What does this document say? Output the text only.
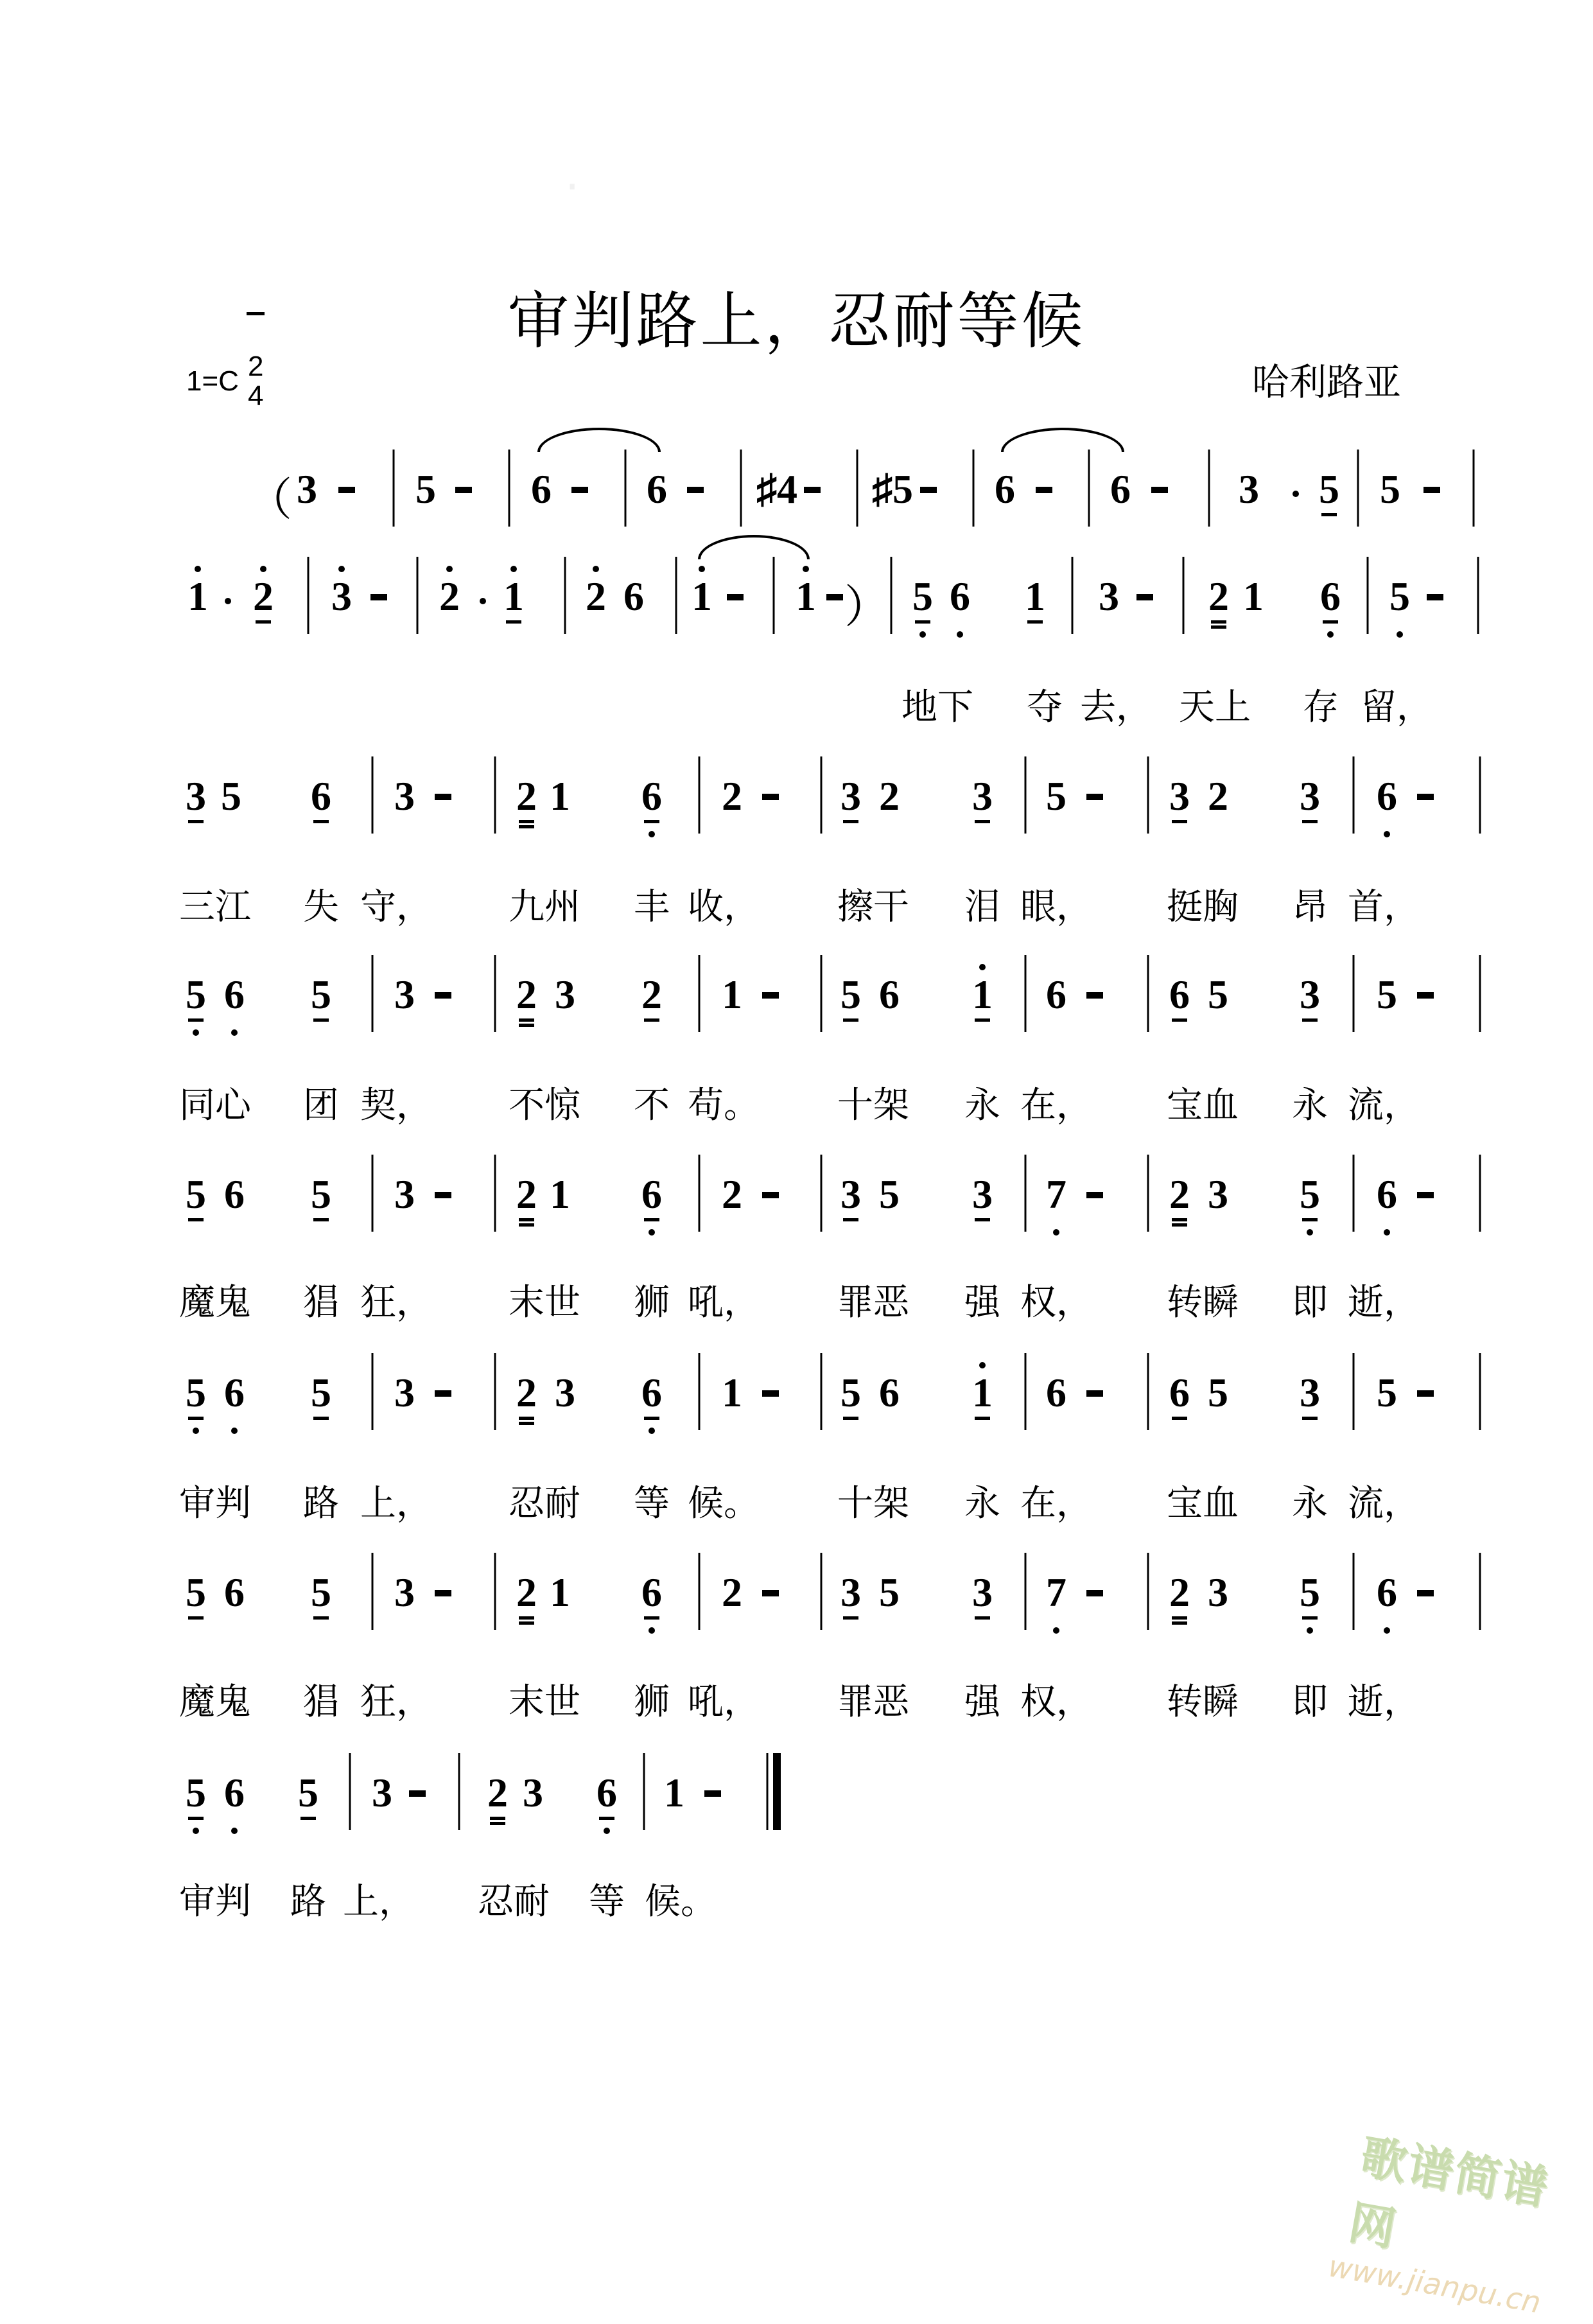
·
审判路上，忍耐等候
1=C 2
4	哈利路亚
（ 3 5 6 6 ♯4 ♯5 6 6	3 5 5
1 2 3 2 1 2 6 1 1 ） 5 6 1 3 2 1 6 5
3 5 6 3 2 1 6 2 3 2 3 5	3 2 3 6
5 6 5 3 2 3 2 1 5 6 1 6	6 5 3 5
5 6 5 3 2 1 6 2 3 5 3 7	2 3 5 6
5 6 5 3 2 3 6 1 5 6 1 6	6 5 3 5
5 6 5 3 2 1 6 2 3 5 3 7	2 3 5 6
5 6 5 3 2 3 6 1
地下 夺 去， 天上 存 留，
三江 失 守， 九州 丰 收， 擦干 泪 眼， 挺胸 昂 首，
同心 团 契， 不惊 不 苟。 十架 永 在， 宝血 永 流，
魔鬼 猖 狂， 末世 狮 吼， 罪恶 强 权， 转瞬 即 逝，
审判 路 上， 忍耐 等 候。 十架 永 在， 宝血 永 流，
魔鬼 猖 狂， 末世 狮 吼， 罪恶 强 权， 转瞬 即 逝，
审判 路 上， 忍耐 等 候。
歌谱简谱网
www.jianpu.cn
